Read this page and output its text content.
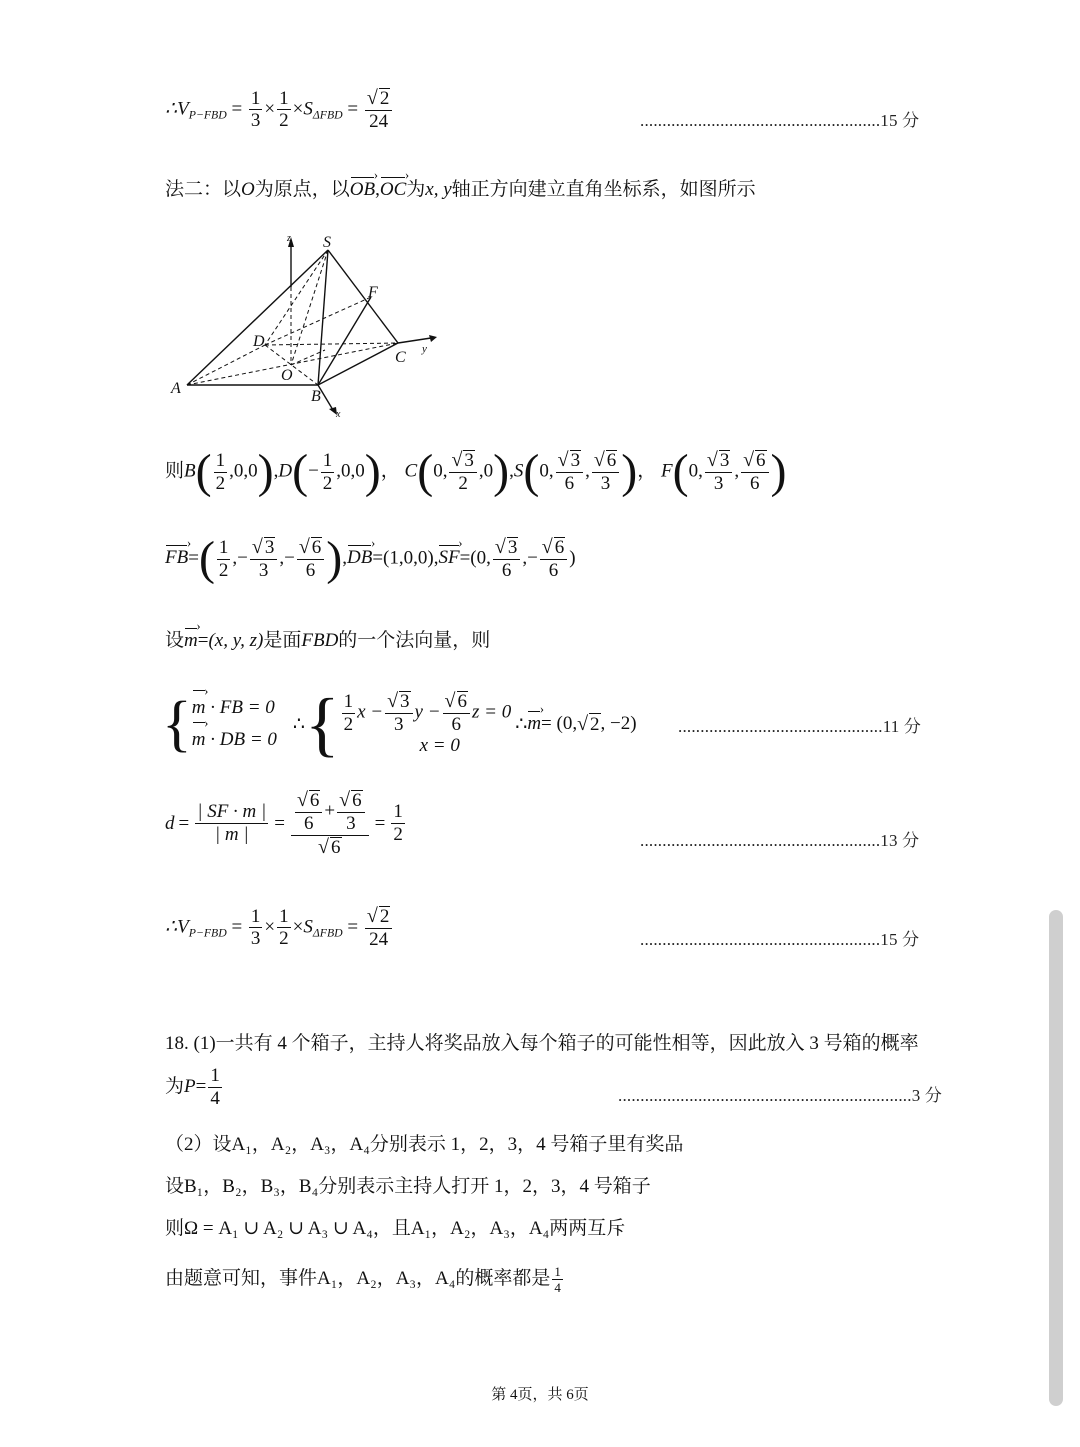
$\therefore V_{P-FBD} = \frac{1}{3} \times \frac{1}{2} \times S_{\Delta FBD} = \frac{√ 2}{24}$	......................................................15 分
法二：以O为原点，以OB ›,OC ›为x, y轴正方向建立直角坐标系，如图所示
z S
F
D
C y
A
O
B
x
则$B( \frac{1}{2} ,0,0),D(- \frac{1}{2} ,0,0)$， C(0, $\frac{√ 3}{2} ,0),S(0$, $\frac{√ 3}{6}$ , $\frac{√ 6}{3}$ )， F(0, $\frac{√ 3}{3}$ , $\frac{√ 6}{6}$ )
FB ›=( $\frac{1}{2}$ ,− $\frac{√ 3}{3}$ ,− $\frac{√ 6}{6} ),DB$ ›=(1,0,0),SF ›=(0, $\frac{√ 3}{6}$ ,− $\frac{√ 6}{6}$ )
设m ›=(x, y, z)是面FBD的一个法向量，则
{ m › · FB = 0
m › · DB = 0
∴ { $\frac{1}{2}$ $x - \frac{√ 3}{3}$ $y - \frac{√ 6}{6}$ z = 0
x = 0
∴ m › = (0, √ 2 , −2) ..............................................11 分
$d = \frac{| SF \cdot m |}{| m |} = \frac{\frac{√ 6}{6} + \frac{√ 6}{3}}{√ 6} = \frac{1}{2}$	......................................................13 分
$\therefore V_{P-FBD} = \frac{1}{3} \times \frac{1}{2} \times S_{\Delta FBD} = \frac{√ 2}{24}$	......................................................15 分
18. (1)一共有 4 个箱子，主持人将奖品放入每个箱子的可能性相等，因此放入 3 号箱的概率
为$P= \frac{1}{4}$	..................................................................3 分
（2）设A₁，A₂，A₃，A₄分别表示 1，2，3，4 号箱子里有奖品
设B₁，B₂，B₃，B₄分别表示主持人打开 1，2，3，4 号箱子
则Ω = A₁ ∪ A₂ ∪ A₃ ∪ A₄，且A₁，A₂，A₃，A₄两两互斥
由题意可知，事件A₁，A₂，A₃，A₄的概率都是 $\frac{1}{4}$
第 4页，共 6页
